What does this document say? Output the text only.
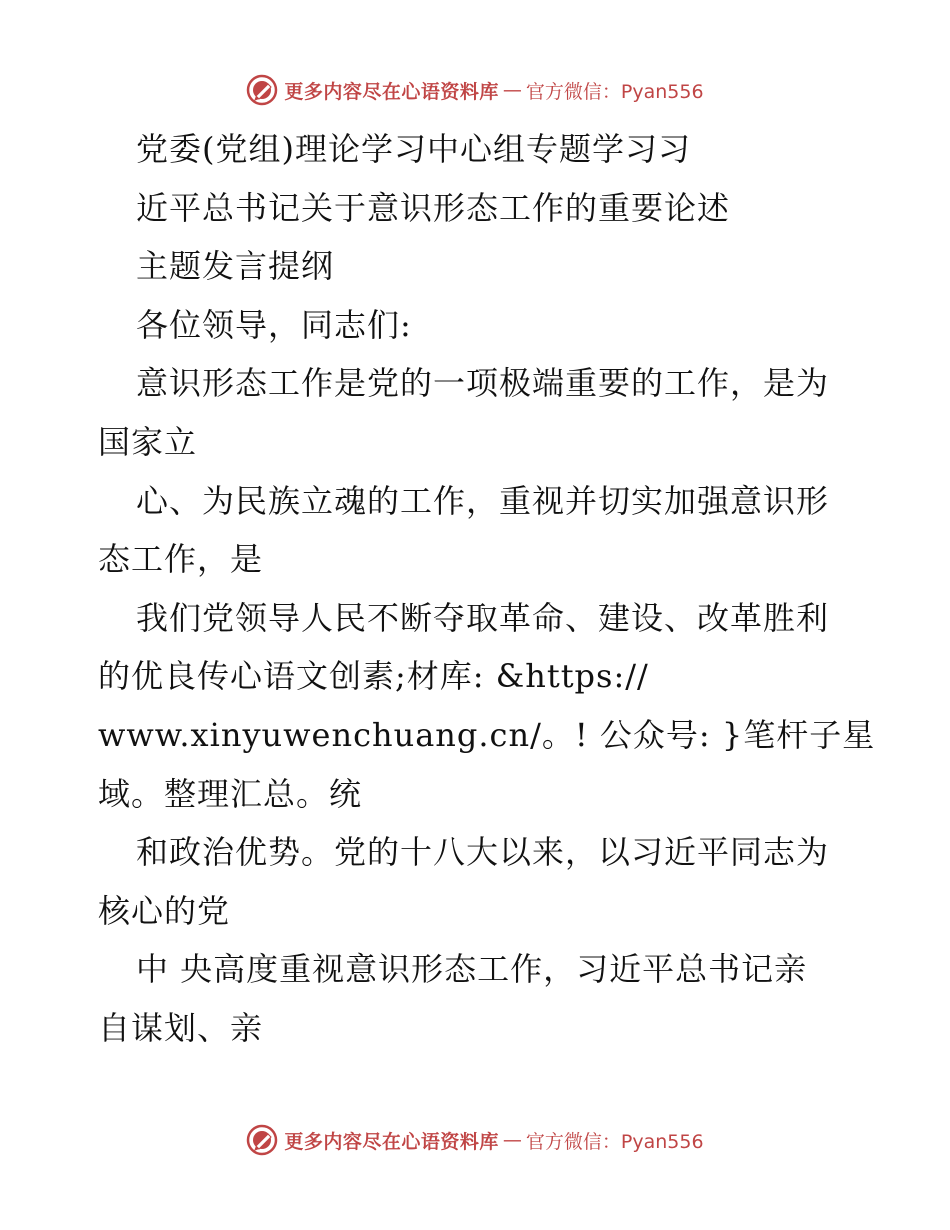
更多内容尽在心语资料库 — 官方微信：Pyan556
党委(党组)理论学习中心组专题学习习
近平总书记关于意识形态工作的重要论述
主题发言提纲
各位领导，同志们:
意识形态工作是党的一项极端重要的工作，是为
国家立
心、为民族立魂的工作，重视并切实加强意识形
态工作，是
我们党领导人民不断夺取革命、建设、改革胜利
的优良传心语文创素;材库: &https://
www.xinyuwenchuang.cn/。! 公众号: }笔杆子星
域。整理汇总。统
和政治优势。党的十八大以来，以习近平同志为
核心的党
中 央高度重视意识形态工作，习近平总书记亲
自谋划、亲
更多内容尽在心语资料库 — 官方微信：Pyan556
